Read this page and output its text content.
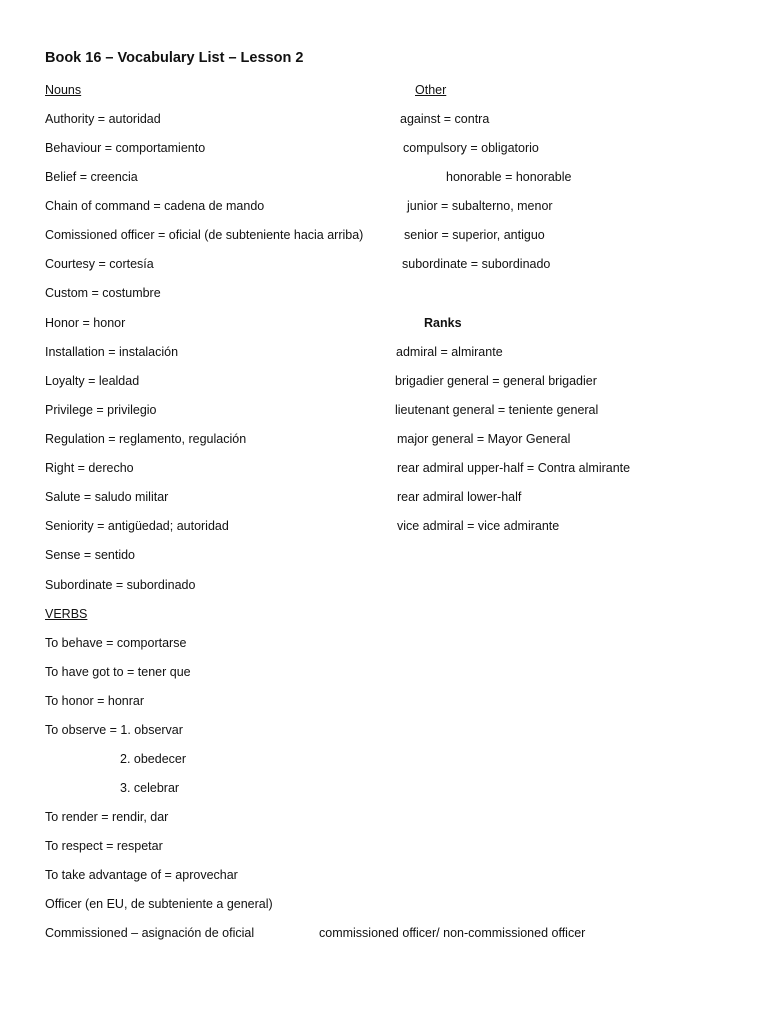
Book 16 – Vocabulary List – Lesson 2
Nouns
Authority = autoridad
Behaviour = comportamiento
Belief = creencia
Chain of command = cadena de mando
Comissioned officer = oficial (de subteniente hacia arriba)
Courtesy = cortesía
Custom = costumbre
Honor = honor
Installation = instalación
Loyalty = lealdad
Privilege = privilegio
Regulation = reglamento, regulación
Right = derecho
Salute = saludo militar
Seniority = antigüedad; autoridad
Sense = sentido
Subordinate = subordinado
VERBS
To behave = comportarse
To have got to = tener que
To honor = honrar
To observe = 1. observar
2. obedecer
3. celebrar
To render = rendir, dar
To respect = respetar
To take advantage of = aprovechar
Officer (en EU, de subteniente a general)
Commissioned – asignación de oficial	commissioned officer/ non-commissioned officer
Other
against = contra
compulsory = obligatorio
honorable = honorable
junior = subalterno, menor
senior = superior, antiguo
subordinate = subordinado
Ranks
admiral = almirante
brigadier general = general brigadier
lieutenant general = teniente general
major general = Mayor General
rear admiral upper-half = Contra almirante
rear admiral lower-half
vice admiral = vice admirante
